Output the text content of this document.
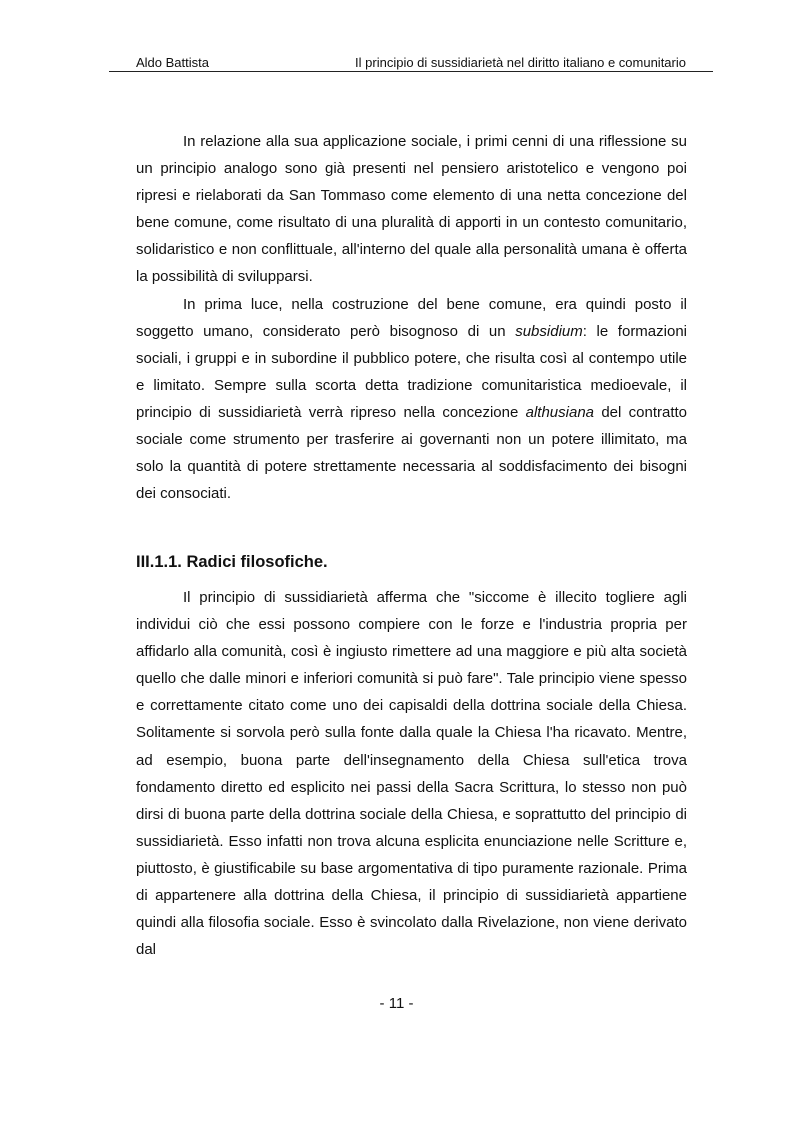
Aldo Battista	Il principio di sussidiarietà nel diritto italiano e comunitario

In relazione alla sua applicazione sociale, i primi cenni di una riflessione su un principio analogo sono già presenti nel pensiero aristotelico e vengono poi ripresi e rielaborati da San Tommaso come elemento di una netta concezione del bene comune, come risultato di una pluralità di apporti in un contesto comunitario, solidaristico e non conflittuale, all'interno del quale alla personalità umana è offerta la possibilità di svilupparsi.

In prima luce, nella costruzione del bene comune, era quindi posto il soggetto umano, considerato però bisognoso di un subsidium: le formazioni sociali, i gruppi e in subordine il pubblico potere, che risulta così al contempo utile e limitato. Sempre sulla scorta detta tradizione comunitaristica medioevale, il principio di sussidiarietà verrà ripreso nella concezione althusiana del contratto sociale come strumento per trasferire ai governanti non un potere illimitato, ma solo la quantità di potere strettamente necessaria al soddisfacimento dei bisogni dei consociati.

III.1.1. Radici filosofiche.

Il principio di sussidiarietà afferma che "siccome è illecito togliere agli individui ciò che essi possono compiere con le forze e l'industria propria per affidarlo alla comunità, così è ingiusto rimettere ad una maggiore e più alta società quello che dalle minori e inferiori comunità si può fare". Tale principio viene spesso e correttamente citato come uno dei capisaldi della dottrina sociale della Chiesa. Solitamente si sorvola però sulla fonte dalla quale la Chiesa l'ha ricavato. Mentre, ad esempio, buona parte dell'insegnamento della Chiesa sull'etica trova fondamento diretto ed esplicito nei passi della Sacra Scrittura, lo stesso non può dirsi di buona parte della dottrina sociale della Chiesa, e soprattutto del principio di sussidiarietà. Esso infatti non trova alcuna esplicita enunciazione nelle Scritture e, piuttosto, è giustificabile su base argomentativa di tipo puramente razionale. Prima di appartenere alla dottrina della Chiesa, il principio di sussidiarietà appartiene quindi alla filosofia sociale. Esso è svincolato dalla Rivelazione, non viene derivato dal

- 11 -
